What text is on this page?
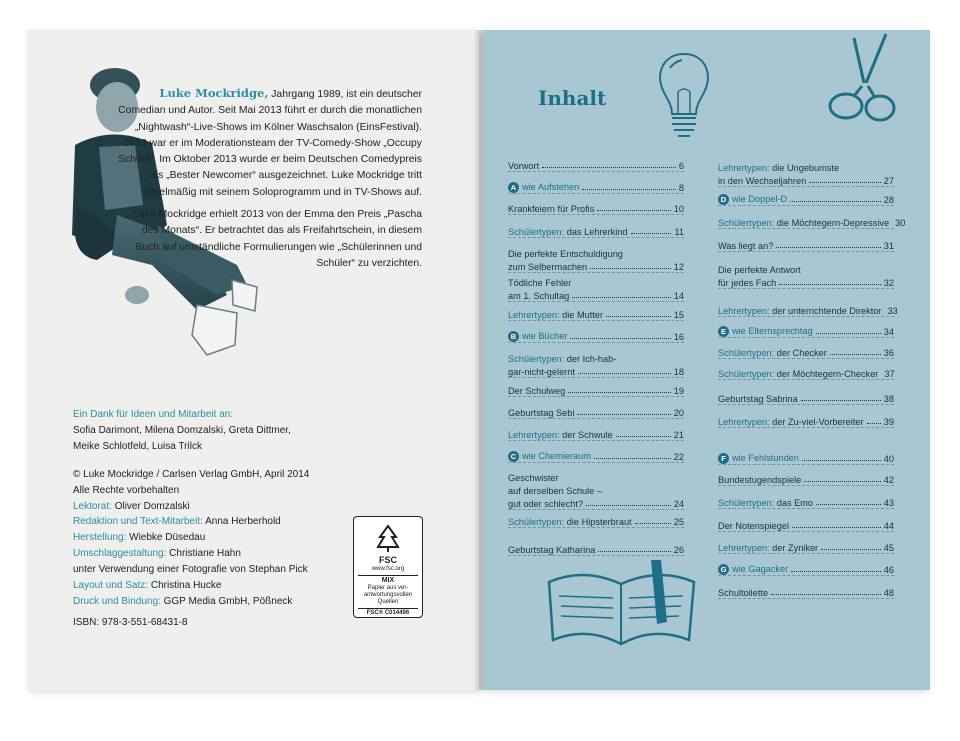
Luke Mockridge, Jahrgang 1989, ist ein deutscher Comedian und Autor. Seit Mai 2013 führt er durch die monatlichen „Nightwash“-Live-Shows im Kölner Waschsalon (EinsFestival). 2013 war er im Moderationsteam der TV-Comedy-Show „Occupy School“. Im Oktober 2013 wurde er beim Deutschen Comedypreis als „Bester Newcomer“ ausgezeichnet. Luke Mockridge tritt regelmäßig mit seinem Soloprogramm und in TV-Shows auf.

Luke Mockridge erhielt 2013 von der Emma den Preis „Pascha des Monats“. Er betrachtet das als Freifahrtschein, in diesem Buch auf umständliche Formulierungen wie „Schülerinnen und Schüler“ zu verzichten.

Ein Dank für Ideen und Mitarbeit an:
Sofia Darimont, Milena Domzalski, Greta Dittmer,
Meike Schlotfeld, Luisa Trilck
© Luke Mockridge / Carlsen Verlag GmbH, April 2014
Alle Rechte vorbehalten
Lektorat: Oliver Domzalski
Redaktion und Text-Mitarbeit: Anna Herberhold
Herstellung: Wiebke Düsedau
Umschlaggestaltung: Christiane Hahn
unter Verwendung einer Fotografie von Stephan Pick
Layout und Satz: Christina Hucke
Druck und Bindung: GGP Media GmbH, Pößneck
FSC
www.fsc.org
MIX
Papier aus ver-
antwortungsvollen
Quellen
FSC® C014496
ISBN: 978-3-551-68431-8
Inhalt
Vorwort	6
A wie Aufstehen	8
Krankfeiern für Profis	10
Schülertypen: das Lehrerkind	11
Die perfekte Entschuldigung
zum Selbermachen	12
Tödliche Fehler
am 1. Schultag	14
Lehrertypen: die Mutter	15
B wie Bücher	16
Schülertypen: der Ich-hab-
gar-nicht-gelernt	18
Der Schulweg	19
Geburtstag Sebi	20
Lehrertypen: der Schwule	21
C wie Chemieraum	22
Geschwister
auf derselben Schule –
gut oder schlecht?	24
Schülertypen: die Hipsterbraut	25
Geburtstag Katharina	26
Lehrertypen: die Ungebumste
in den Wechseljahren	27
D wie Doppel-D	28
Schülertypen: die Möchtegern-Depressive 30
Was liegt an?	31
Die perfekte Antwort
für jedes Fach	32
Lehrertypen: der unterrichtende Direktor 33
E wie Elternsprechtag	34
Schülertypen: der Checker	36
Schülertypen: der Möchtegern-Checker 37
Geburtstag Sabrina	38
Lehrertypen: der Zu-viel-Vorbereiter 39
F wie Fehlstunden	40
Bundestugendspiele	42
Schülertypen: das Emo	43
Der Notenspiegel	44
Lehrertypen: der Zyniker	45
G wie Gagacker	46
Schultoilette	48
